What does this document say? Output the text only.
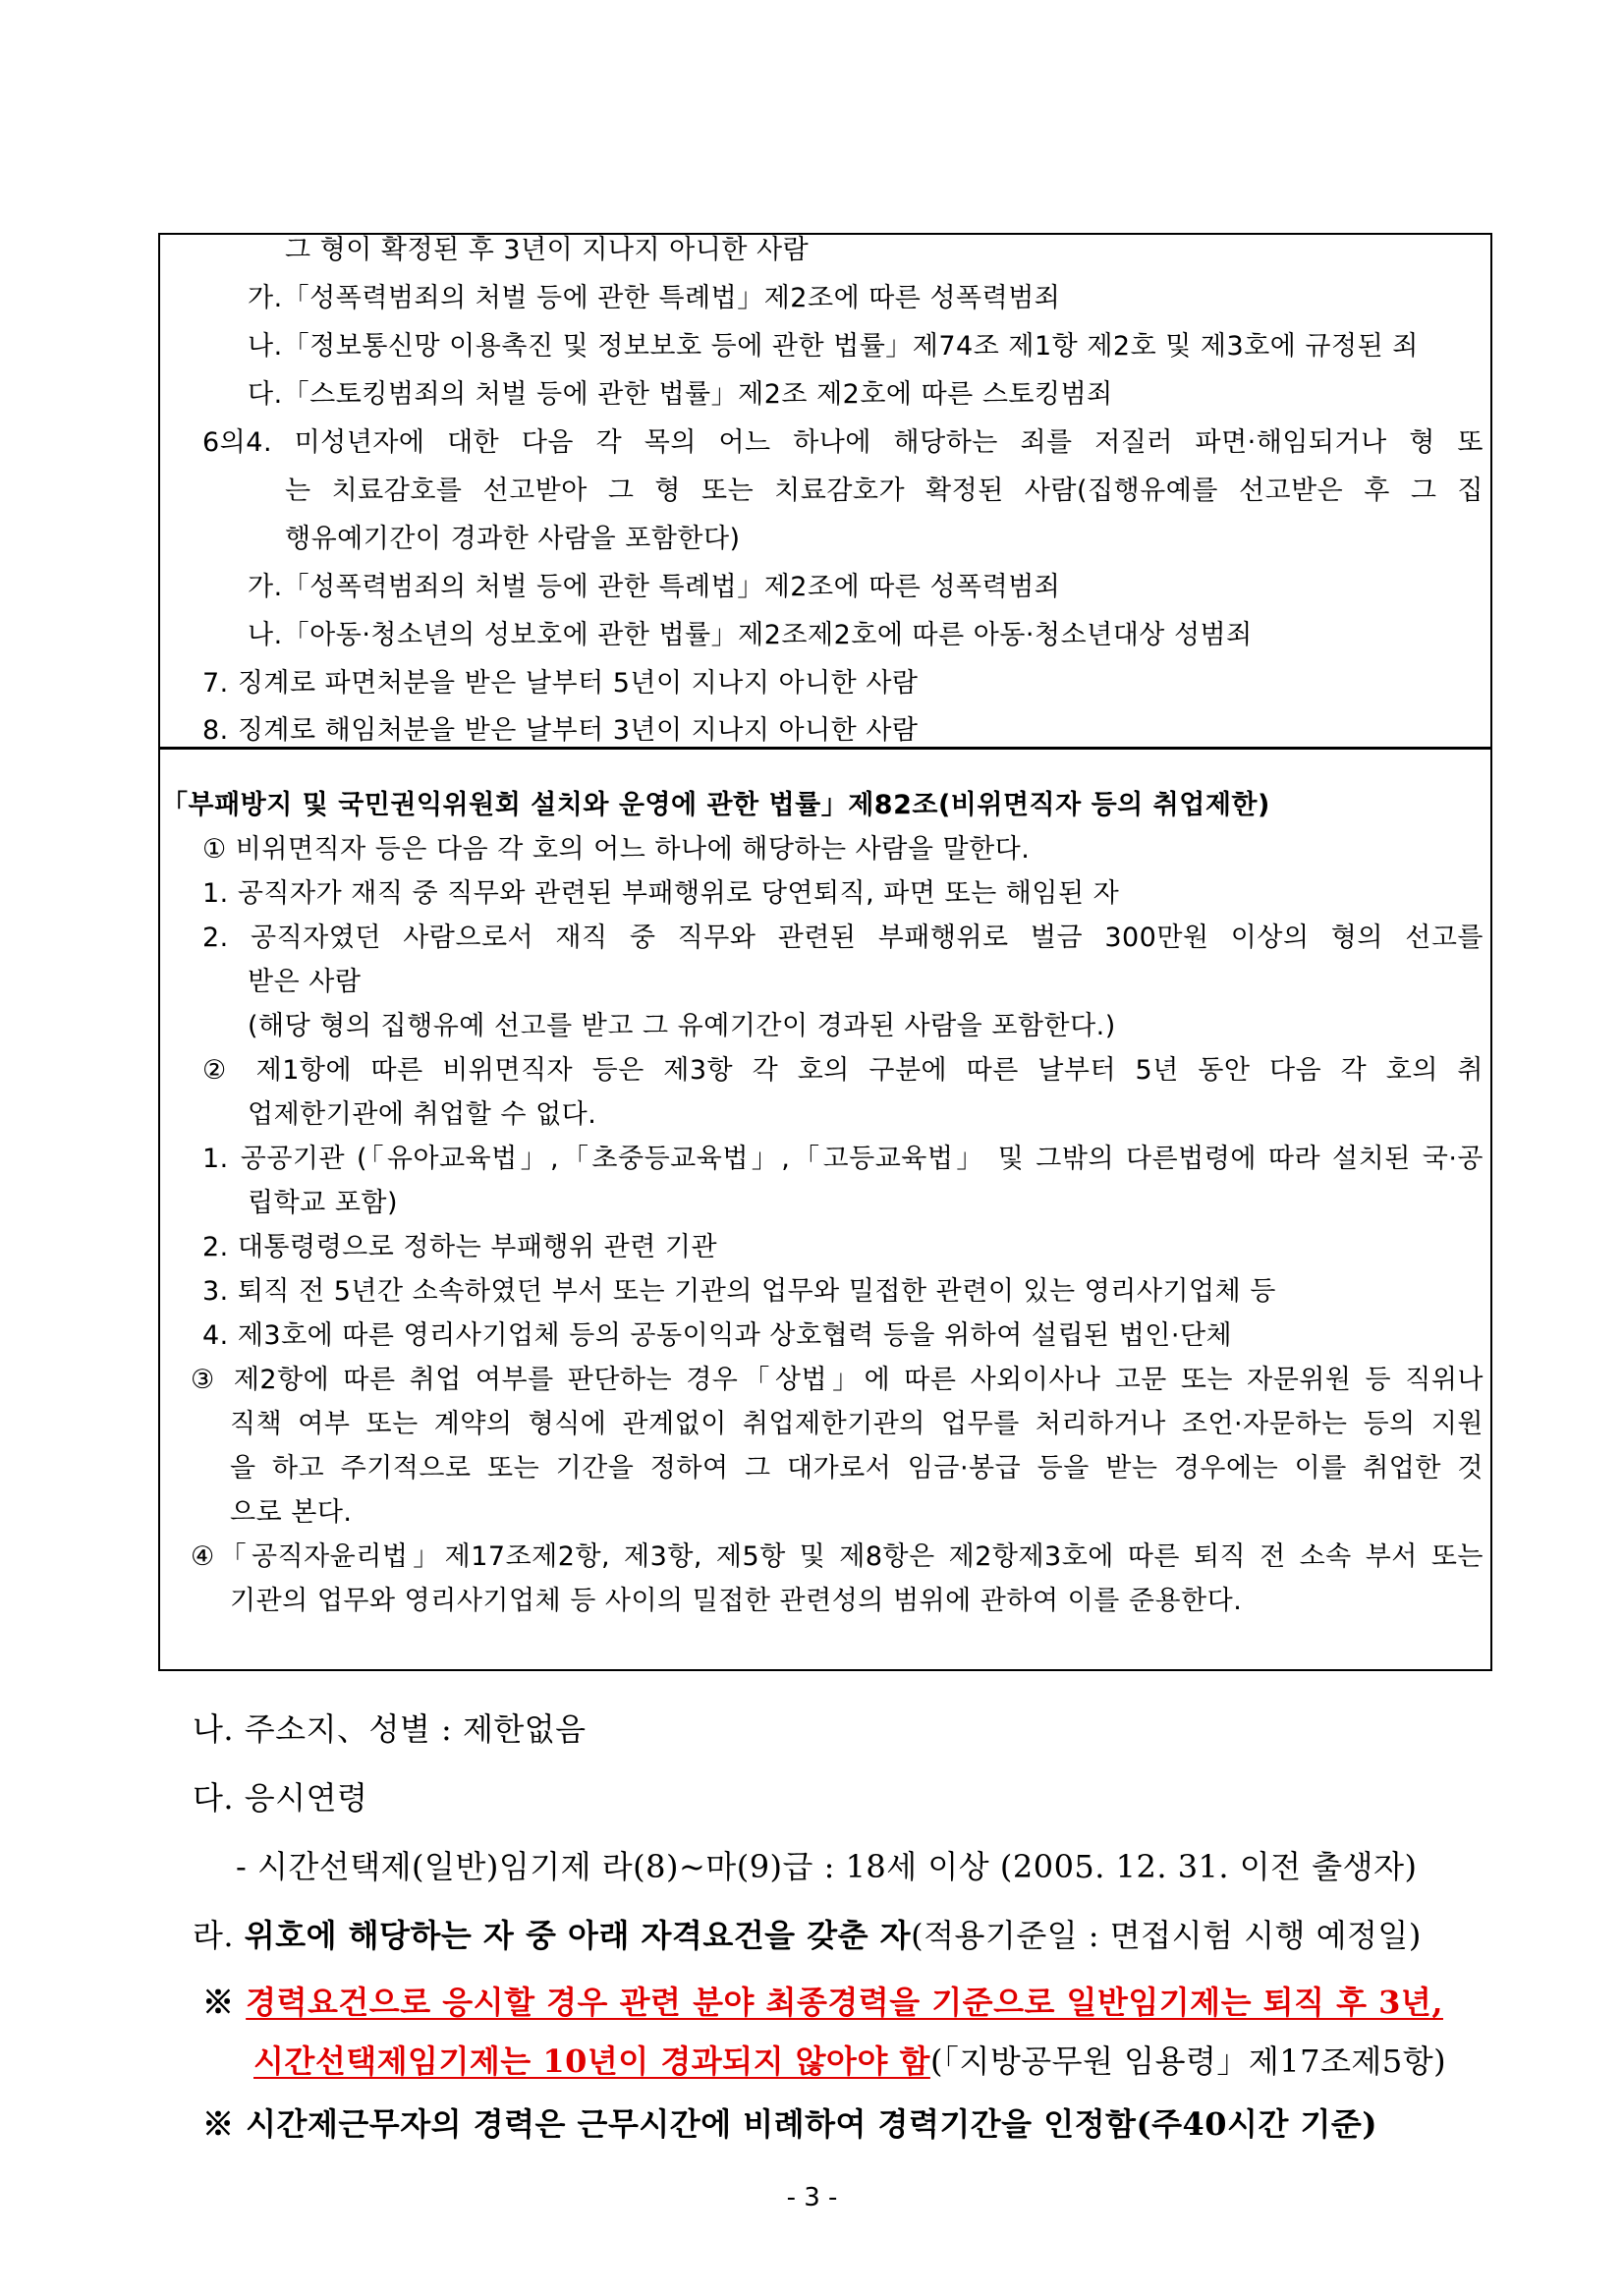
그 형이 확정된 후 3년이 지나지 아니한 사람
가.「성폭력범죄의 처벌 등에 관한 특례법」제2조에 따른 성폭력범죄
나.「정보통신망 이용촉진 및 정보보호 등에 관한 법률」제74조 제1항 제2호 및 제3호에 규정된 죄
다.「스토킹범죄의 처벌 등에 관한 법률」제2조 제2호에 따른 스토킹범죄
6의4. 미성년자에 대한 다음 각 목의 어느 하나에 해당하는 죄를 저질러 파면‧해임되거나 형 또
는 치료감호를 선고받아 그 형 또는 치료감호가 확정된 사람(집행유예를 선고받은 후 그 집
행유예기간이 경과한 사람을 포함한다)
가.「성폭력범죄의 처벌 등에 관한 특례법」제2조에 따른 성폭력범죄
나.「아동‧청소년의 성보호에 관한 법률」제2조제2호에 따른 아동‧청소년대상 성범죄
7. 징계로 파면처분을 받은 날부터 5년이 지나지 아니한 사람
8. 징계로 해임처분을 받은 날부터 3년이 지나지 아니한 사람
「부패방지 및 국민권익위원회 설치와 운영에 관한 법률」제82조(비위면직자 등의 취업제한)
① 비위면직자 등은 다음 각 호의 어느 하나에 해당하는 사람을 말한다.
1. 공직자가 재직 중 직무와 관련된 부패행위로 당연퇴직, 파면 또는 해임된 자
2. 공직자였던 사람으로서 재직 중 직무와 관련된 부패행위로 벌금 300만원 이상의 형의 선고를
받은 사람
(해당 형의 집행유예 선고를 받고 그 유예기간이 경과된 사람을 포함한다.)
② 제1항에 따른 비위면직자 등은 제3항 각 호의 구분에 따른 날부터 5년 동안 다음 각 호의 취
업제한기관에 취업할 수 없다.
1. 공공기관 (「유아교육법」,「초중등교육법」,「고등교육법」 및 그밖의 다른법령에 따라 설치된 국·공
립학교 포함)
2. 대통령령으로 정하는 부패행위 관련 기관
3. 퇴직 전 5년간 소속하였던 부서 또는 기관의 업무와 밀접한 관련이 있는 영리사기업체 등
4. 제3호에 따른 영리사기업체 등의 공동이익과 상호협력 등을 위하여 설립된 법인·단체
③ 제2항에 따른 취업 여부를 판단하는 경우「상법」에 따른 사외이사나 고문 또는 자문위원 등 직위나
직책 여부 또는 계약의 형식에 관계없이 취업제한기관의 업무를 처리하거나 조언·자문하는 등의 지원
을 하고 주기적으로 또는 기간을 정하여 그 대가로서 임금·봉급 등을 받는 경우에는 이를 취업한 것
으로 본다.
④「공직자윤리법」제17조제2항, 제3항, 제5항 및 제8항은 제2항제3호에 따른 퇴직 전 소속 부서 또는
기관의 업무와 영리사기업체 등 사이의 밀접한 관련성의 범위에 관하여 이를 준용한다.
나. 주소지、성별 : 제한없음
다. 응시연령
- 시간선택제(일반)임기제 라(8)~마(9)급 : 18세 이상 (2005. 12. 31. 이전 출생자)
라. 위호에 해당하는 자 중 아래 자격요건을 갖춘 자(적용기준일 : 면접시험 시행 예정일)
※ 경력요건으로 응시할 경우 관련 분야 최종경력을 기준으로 일반임기제는 퇴직 후 3년,
시간선택제임기제는 10년이 경과되지 않아야 함(「지방공무원 임용령」제17조제5항)
※ 시간제근무자의 경력은 근무시간에 비례하여 경력기간을 인정함(주40시간 기준)
- 3 -
